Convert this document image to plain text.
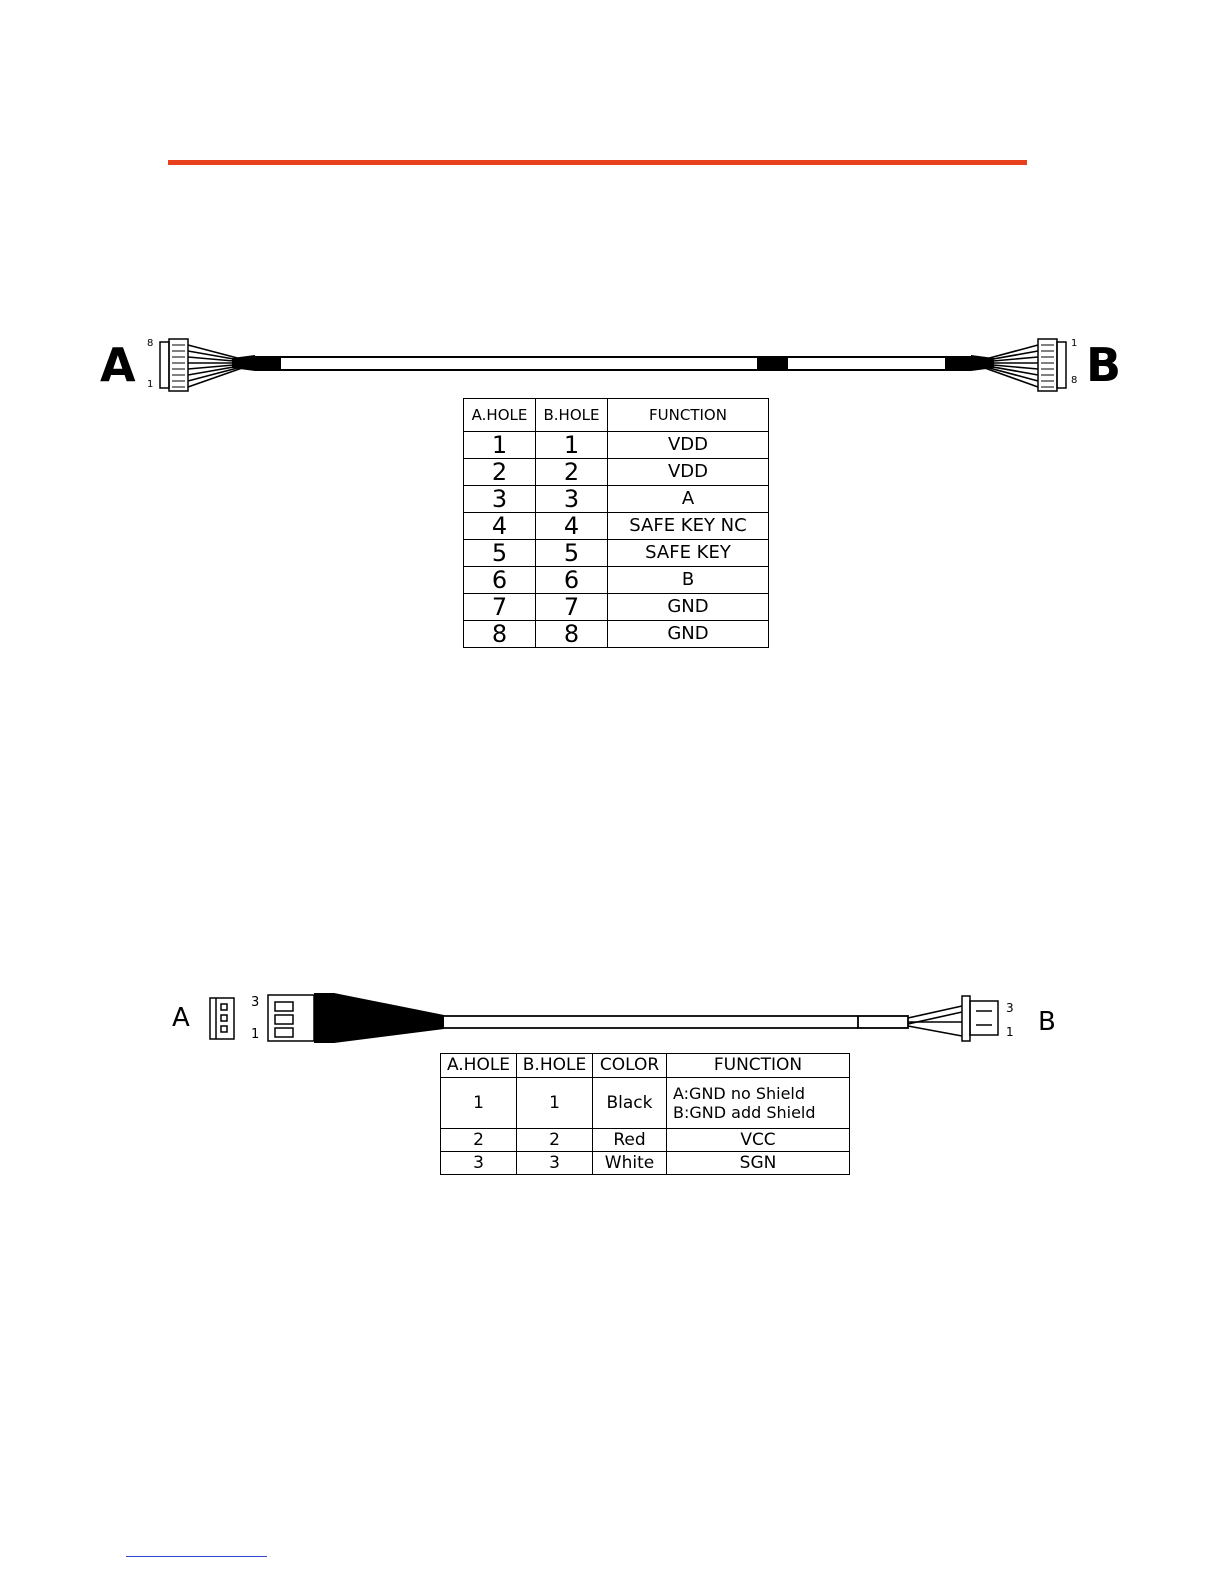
A	B
8
1
1
8
A.HOLE	B.HOLE	FUNCTION
1	1	VDD
2	2	VDD
3	3	A
4	4	SAFE KEY NC
5	5	SAFE KEY
6	6	B
7	7	GND
8	8	GND
A	B
3
1
3
1
A.HOLE	B.HOLE	COLOR	FUNCTION
1	1	Black	A:GND no Shield
B:GND add Shield

2	2	Red	VCC
3	3	White	SGN
